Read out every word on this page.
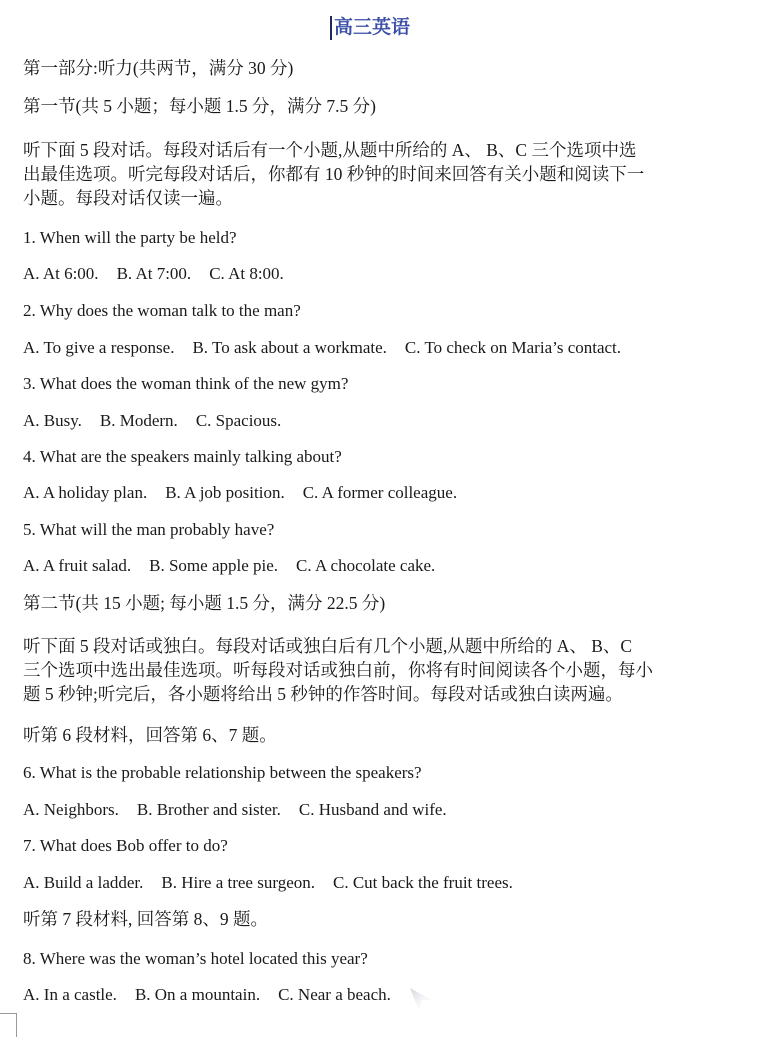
高三英语
第一部分:听力(共两节，满分 30 分)
第一节(共 5 小题；每小题 1.5 分，满分 7.5 分)
听下面 5 段对话。每段对话后有一个小题,从题中所给的 A、 B、C 三个选项中选
出最佳选项。听完每段对话后，你都有 10 秒钟的时间来回答有关小题和阅读下一
小题。每段对话仅读一遍。
1. When will the party be held?
A. At 6:00. B. At 7:00. C. At 8:00.
2. Why does the woman talk to the man?
A. To give a response. B. To ask about a workmate. C. To check on Maria’s contact.
3. What does the woman think of the new gym?
A. Busy. B. Modern. C. Spacious.
4. What are the speakers mainly talking about?
A. A holiday plan. B. A job position. C. A former colleague.
5. What will the man probably have?
A. A fruit salad. B. Some apple pie. C. A chocolate cake.
第二节(共 15 小题; 每小题 1.5 分，满分 22.5 分)
听下面 5 段对话或独白。每段对话或独白后有几个小题,从题中所给的 A、 B、C
三个选项中选出最佳选项。听每段对话或独白前，你将有时间阅读各个小题，每小
题 5 秒钟;听完后，各小题将给出 5 秒钟的作答时间。每段对话或独白读两遍。
听第 6 段材料，回答第 6、7 题。
6. What is the probable relationship between the speakers?
A. Neighbors. B. Brother and sister. C. Husband and wife.
7. What does Bob offer to do?
A. Build a ladder. B. Hire a tree surgeon. C. Cut back the fruit trees.
听第 7 段材料, 回答第 8、9 题。
8. Where was the woman’s hotel located this year?
A. In a castle. B. On a mountain. C. Near a beach.
